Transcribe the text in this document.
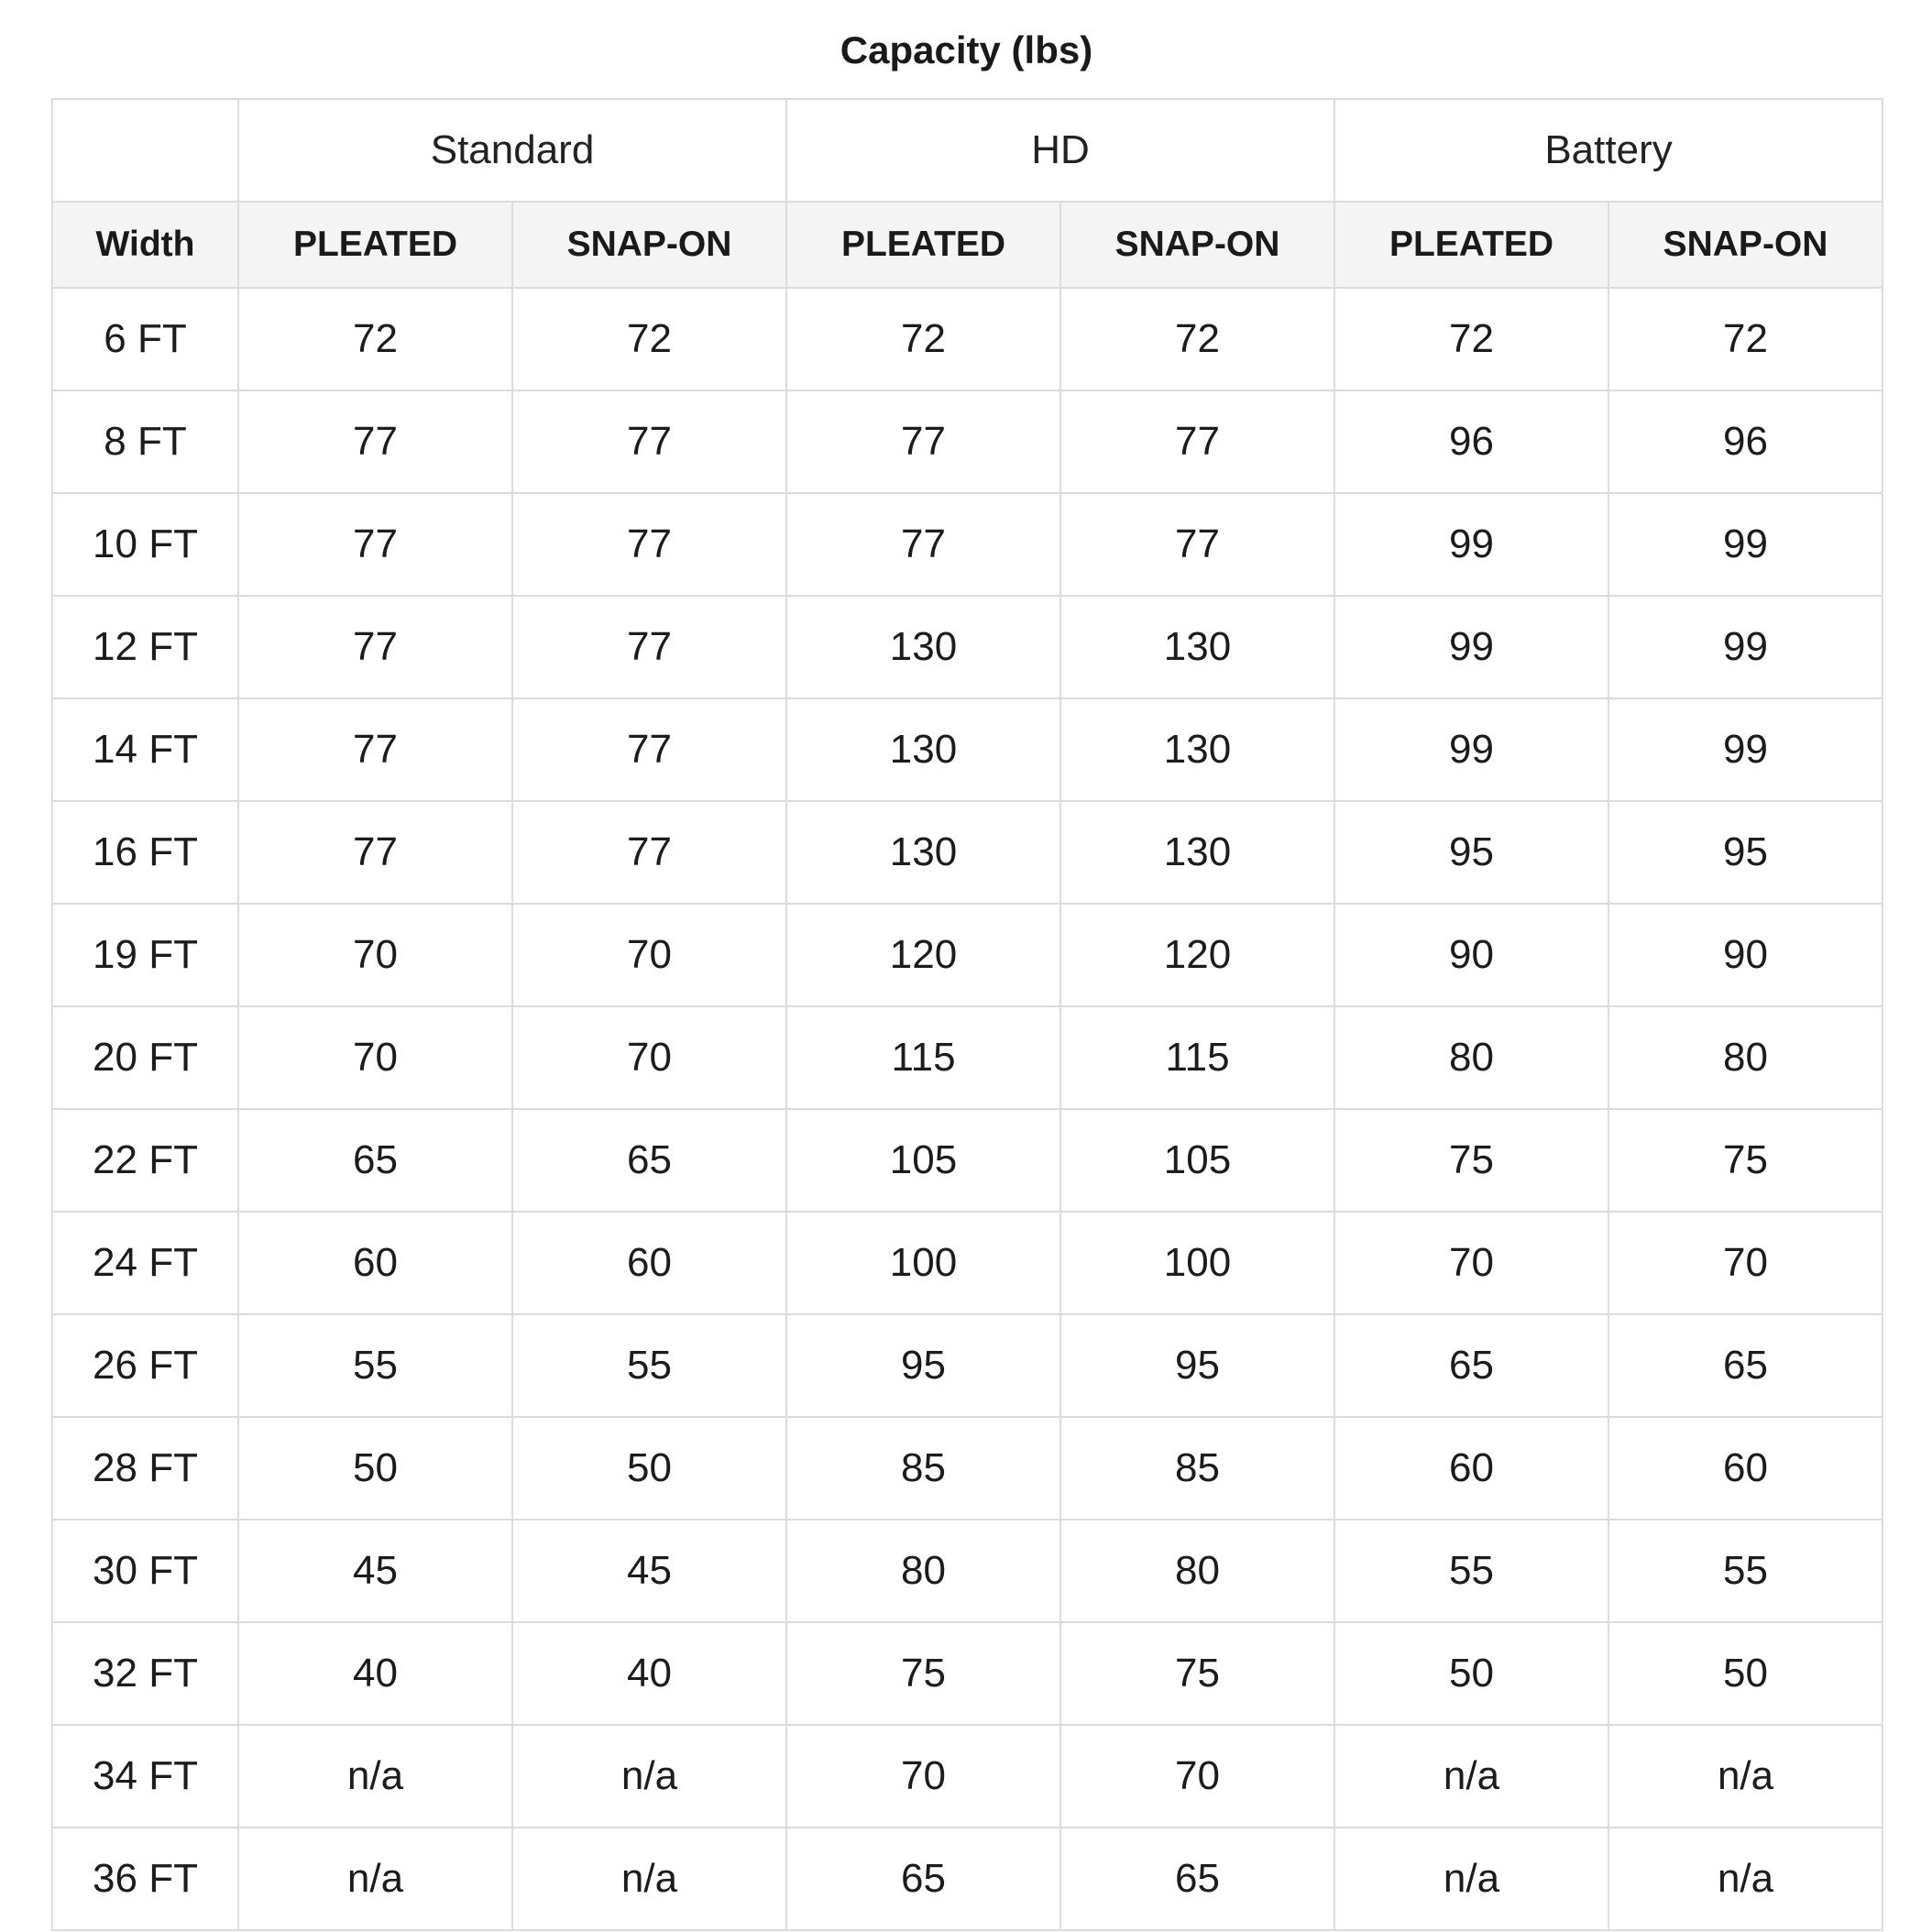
Capacity (lbs)
	Standard		HD		Battery	
Width	PLEATED	SNAP-ON	PLEATED	SNAP-ON	PLEATED	SNAP-ON
6 FT	72	72	72	72	72	72
8 FT	77	77	77	77	96	96
10 FT	77	77	77	77	99	99
12 FT	77	77	130	130	99	99
14 FT	77	77	130	130	99	99
16 FT	77	77	130	130	95	95
19 FT	70	70	120	120	90	90
20 FT	70	70	115	115	80	80
22 FT	65	65	105	105	75	75
24 FT	60	60	100	100	70	70
26 FT	55	55	95	95	65	65
28 FT	50	50	85	85	60	60
30 FT	45	45	80	80	55	55
32 FT	40	40	75	75	50	50
34 FT	n/a	n/a	70	70	n/a	n/a
36 FT	n/a	n/a	65	65	n/a	n/a
